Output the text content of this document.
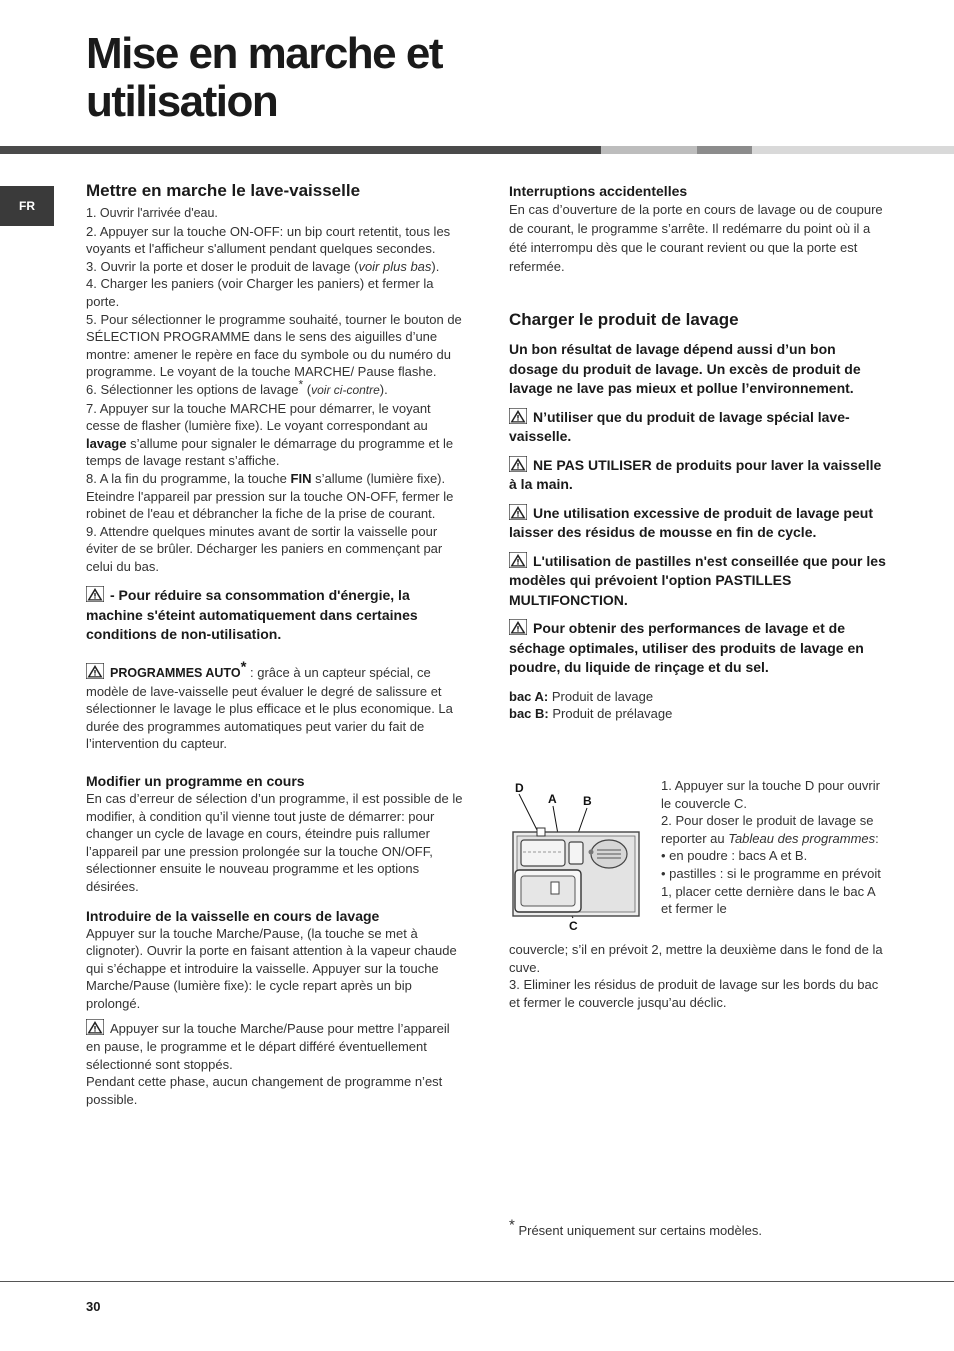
Mise en marche et
utilisation
FR
Mettre en marche le lave-vaisselle

1. Ouvrir l'arrivée d'eau.

2. Appuyer sur la touche ON-OFF: un bip court retentit, tous les voyants et l'afficheur s'allument pendant quelques secondes.

3. Ouvrir la porte et doser le produit de lavage (voir plus bas).

4. Charger les paniers (voir Charger les paniers) et fermer la porte.

5. Pour sélectionner le programme souhaité, tourner le bouton de SÉLECTION PROGRAMME dans le sens des aiguilles d’une montre: amener le repère en face du symbole ou du numéro du programme. Le voyant de la touche MARCHE/ Pause flashe.

6. Sélectionner les options de lavage* (voir ci-contre).

7. Appuyer sur la touche MARCHE pour démarrer, le voyant cesse de flasher (lumière fixe). Le voyant correspondant au lavage s’allume pour signaler le démarrage du programme et le temps de lavage restant s’affiche.

8. A la fin du programme, la touche FIN s’allume (lumière fixe). Eteindre l'appareil par pression sur la touche ON-OFF, fermer le robinet de l'eau et débrancher la fiche de la prise de courant.

9. Attendre quelques minutes avant de sortir la vaisselle pour éviter de se brûler. Décharger les paniers en commençant par celui du bas.

- Pour réduire sa consommation d'énergie, la machine s'éteint automatiquement dans certaines conditions de non-utilisation.

PROGRAMMES AUTO* : grâce à un capteur spécial, ce modèle de lave-vaisselle peut évaluer le degré de salissure et sélectionner le lavage le plus efficace et le plus economique. La durée des programmes automatiques peut varier du fait de l’intervention du capteur.

Modifier un programme en cours

En cas d’erreur de sélection d’un programme, il est possible de le modifier, à condition qu’il vienne tout juste de démarrer: pour changer un cycle de lavage en cours, éteindre puis rallumer l’appareil par une pression prolongée sur la touche ON/OFF, sélectionner ensuite le nouveau programme et les options désirées.

Introduire de la vaisselle en cours de lavage

Appuyer sur la touche Marche/Pause, (la touche se met à clignoter). Ouvrir la porte en faisant attention à la vapeur chaude qui s’échappe et introduire la vaisselle. Appuyer sur la touche Marche/Pause (lumière fixe): le cycle repart après un bip prolongé.

Appuyer sur la touche Marche/Pause pour mettre l’appareil en pause, le programme et le départ différé éventuellement sélectionné sont stoppés.

Pendant cette phase, aucun changement de programme n’est possible.

Interruptions accidentelles

En cas d’ouverture de la porte en cours de lavage ou de coupure de courant, le programme s’arrête. Il redémarre du point où il a été interrompu dès que le courant revient ou que la porte est refermée.

Charger le produit de lavage

Un bon résultat de lavage dépend aussi d’un bon dosage du produit de lavage. Un excès de produit de lavage ne lave pas mieux et pollue l’environnement.

N’utiliser que du produit de lavage spécial lave-vaisselle.

NE PAS UTILISER de produits pour laver la vaisselle à la main.

Une utilisation excessive de produit de lavage peut laisser des résidus de mousse en fin de cycle.

L'utilisation de pastilles n'est conseillée que pour les modèles qui prévoient l'option PASTILLES MULTIFONCTION.

Pour obtenir des performances de lavage et de séchage optimales, utiliser des produits de lavage en poudre, du liquide de rinçage et du sel.

bac A: Produit de lavage

bac B: Produit de prélavage

D
A B
C

1. Appuyer sur la touche D pour ouvrir le couvercle C.

2. Pour doser le produit de lavage se reporter au Tableau des programmes:

• en poudre : bacs A et B.

• pastilles : si le programme en prévoit 1, placer cette dernière dans le bac A et fermer le

couvercle; s’il en prévoit 2, mettre la deuxième dans le fond de la cuve.

3. Eliminer les résidus de produit de lavage sur les bords du bac et fermer le couvercle jusqu’au déclic.

* Présent uniquement sur certains modèles.
30
